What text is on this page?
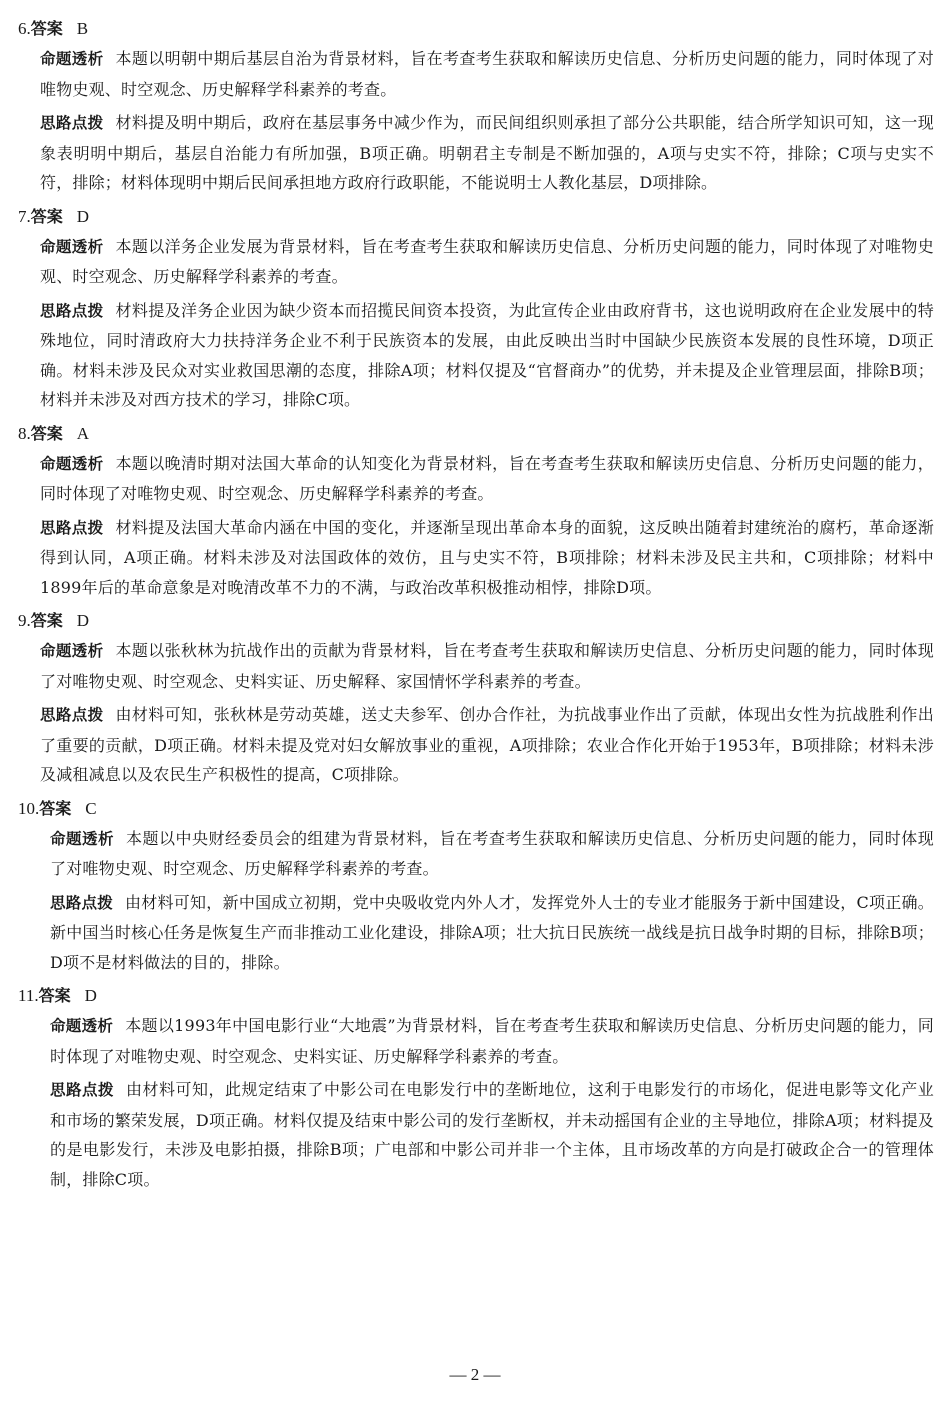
6.答案 B
命题透析 本题以明朝中期后基层自治为背景材料，旨在考查考生获取和解读历史信息、分析历史问题的能力，同时体现了对唯物史观、时空观念、历史解释学科素养的考查。
思路点拨 材料提及明中期后，政府在基层事务中减少作为，而民间组织则承担了部分公共职能，结合所学知识可知，这一现象表明明中期后，基层自治能力有所加强，B项正确。明朝君主专制是不断加强的，A项与史实不符，排除；C项与史实不符，排除；材料体现明中期后民间承担地方政府行政职能，不能说明士人教化基层，D项排除。
7.答案 D
命题透析 本题以洋务企业发展为背景材料，旨在考查考生获取和解读历史信息、分析历史问题的能力，同时体现了对唯物史观、时空观念、历史解释学科素养的考查。
思路点拨 材料提及洋务企业因为缺少资本而招揽民间资本投资，为此宣传企业由政府背书，这也说明政府在企业发展中的特殊地位，同时清政府大力扶持洋务企业不利于民族资本的发展，由此反映出当时中国缺少民族资本发展的良性环境，D项正确。材料未涉及民众对实业救国思潮的态度，排除A项；材料仅提及“官督商办”的优势，并未提及企业管理层面，排除B项；材料并未涉及对西方技术的学习，排除C项。
8.答案 A
命题透析 本题以晚清时期对法国大革命的认知变化为背景材料，旨在考查考生获取和解读历史信息、分析历史问题的能力，同时体现了对唯物史观、时空观念、历史解释学科素养的考查。
思路点拨 材料提及法国大革命内涵在中国的变化，并逐渐呈现出革命本身的面貌，这反映出随着封建统治的腐朽，革命逐渐得到认同，A项正确。材料未涉及对法国政体的效仿，且与史实不符，B项排除；材料未涉及民主共和，C项排除；材料中1899年后的革命意象是对晚清改革不力的不满，与政治改革积极推动相悖，排除D项。
9.答案 D
命题透析 本题以张秋林为抗战作出的贡献为背景材料，旨在考查考生获取和解读历史信息、分析历史问题的能力，同时体现了对唯物史观、时空观念、史料实证、历史解释、家国情怀学科素养的考查。
思路点拨 由材料可知，张秋林是劳动英雄，送丈夫参军、创办合作社，为抗战事业作出了贡献，体现出女性为抗战胜利作出了重要的贡献，D项正确。材料未提及党对妇女解放事业的重视，A项排除；农业合作化开始于1953年，B项排除；材料未涉及减租减息以及农民生产积极性的提高，C项排除。
10.答案 C
命题透析 本题以中央财经委员会的组建为背景材料，旨在考查考生获取和解读历史信息、分析历史问题的能力，同时体现了对唯物史观、时空观念、历史解释学科素养的考查。
思路点拨 由材料可知，新中国成立初期，党中央吸收党内外人才，发挥党外人士的专业才能服务于新中国建设，C项正确。新中国当时核心任务是恢复生产而非推动工业化建设，排除A项；壮大抗日民族统一战线是抗日战争时期的目标，排除B项；D项不是材料做法的目的，排除。
11.答案 D
命题透析 本题以1993年中国电影行业“大地震”为背景材料，旨在考查考生获取和解读历史信息、分析历史问题的能力，同时体现了对唯物史观、时空观念、史料实证、历史解释学科素养的考查。
思路点拨 由材料可知，此规定结束了中影公司在电影发行中的垄断地位，这利于电影发行的市场化，促进电影等文化产业和市场的繁荣发展，D项正确。材料仅提及结束中影公司的发行垄断权，并未动摇国有企业的主导地位，排除A项；材料提及的是电影发行，未涉及电影拍摄，排除B项；广电部和中影公司并非一个主体，且市场改革的方向是打破政企合一的管理体制，排除C项。
— 2 —
